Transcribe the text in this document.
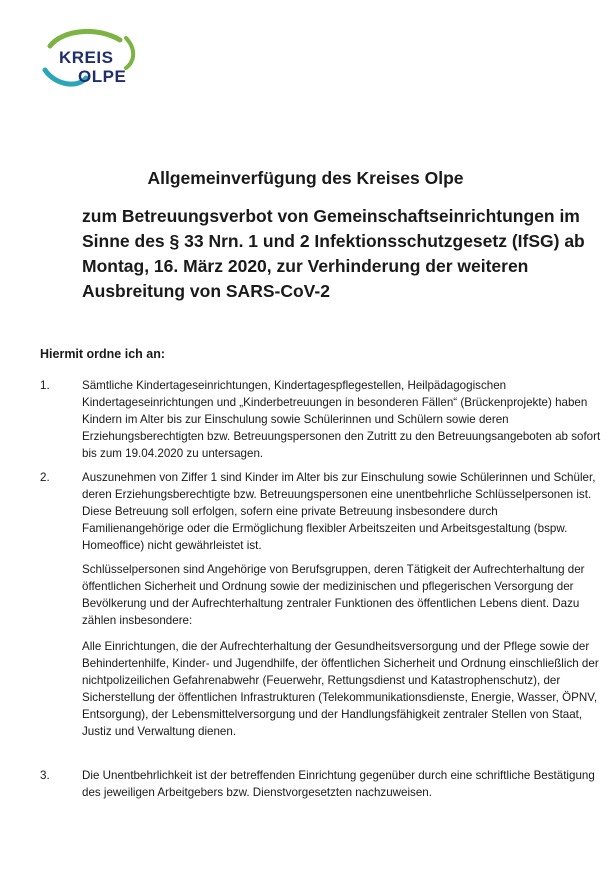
KREIS
OLPE
Allgemeinverfügung des Kreises Olpe
zum Betreuungsverbot von Gemeinschaftseinrichtungen im Sinne des § 33 Nrn. 1 und 2 Infektionsschutzgesetz (IfSG) ab Montag, 16. März 2020, zur Verhinderung der weiteren Ausbreitung von SARS-CoV-2
Hiermit ordne ich an:
1.	Sämtliche Kindertageseinrichtungen, Kindertagespflegestellen, Heilpädagogischen Kindertageseinrichtungen und „Kinderbetreuungen in besonderen Fällen“ (Brückenprojekte) haben Kindern im Alter bis zur Einschulung sowie Schülerinnen und Schülern sowie deren Erziehungsberechtigten bzw. Betreuungspersonen den Zutritt zu den Betreuungsangeboten ab sofort bis zum 19.04.2020 zu untersagen.
2.	Auszunehmen von Ziffer 1 sind Kinder im Alter bis zur Einschulung sowie Schülerinnen und Schüler, deren Erziehungsberechtigte bzw. Betreuungspersonen eine unentbehrliche Schlüsselpersonen ist. Diese Betreuung soll erfolgen, sofern eine private Betreuung insbesondere durch Familienangehörige oder die Ermöglichung flexibler Arbeitszeiten und Arbeitsgestaltung (bspw. Homeoffice) nicht gewährleistet ist.
Schlüsselpersonen sind Angehörige von Berufsgruppen, deren Tätigkeit der Aufrechterhaltung der öffentlichen Sicherheit und Ordnung sowie der medizinischen und pflegerischen Versorgung der Bevölkerung und der Aufrechterhaltung zentraler Funktionen des öffentlichen Lebens dient. Dazu zählen insbesondere:
Alle Einrichtungen, die der Aufrechterhaltung der Gesundheitsversorgung und der Pflege sowie der Behindertenhilfe, Kinder- und Jugendhilfe, der öffentlichen Sicherheit und Ordnung einschließlich der nichtpolizeilichen Gefahrenabwehr (Feuerwehr, Rettungsdienst und Katastrophenschutz), der Sicherstellung der öffentlichen Infrastrukturen (Telekommunikationsdienste, Energie, Wasser, ÖPNV, Entsorgung), der Lebensmittelversorgung und der Handlungsfähigkeit zentraler Stellen von Staat, Justiz und Verwaltung dienen.
3.	Die Unentbehrlichkeit ist der betreffenden Einrichtung gegenüber durch eine schriftliche Bestätigung des jeweiligen Arbeitgebers bzw. Dienstvorgesetzten nachzuweisen.
